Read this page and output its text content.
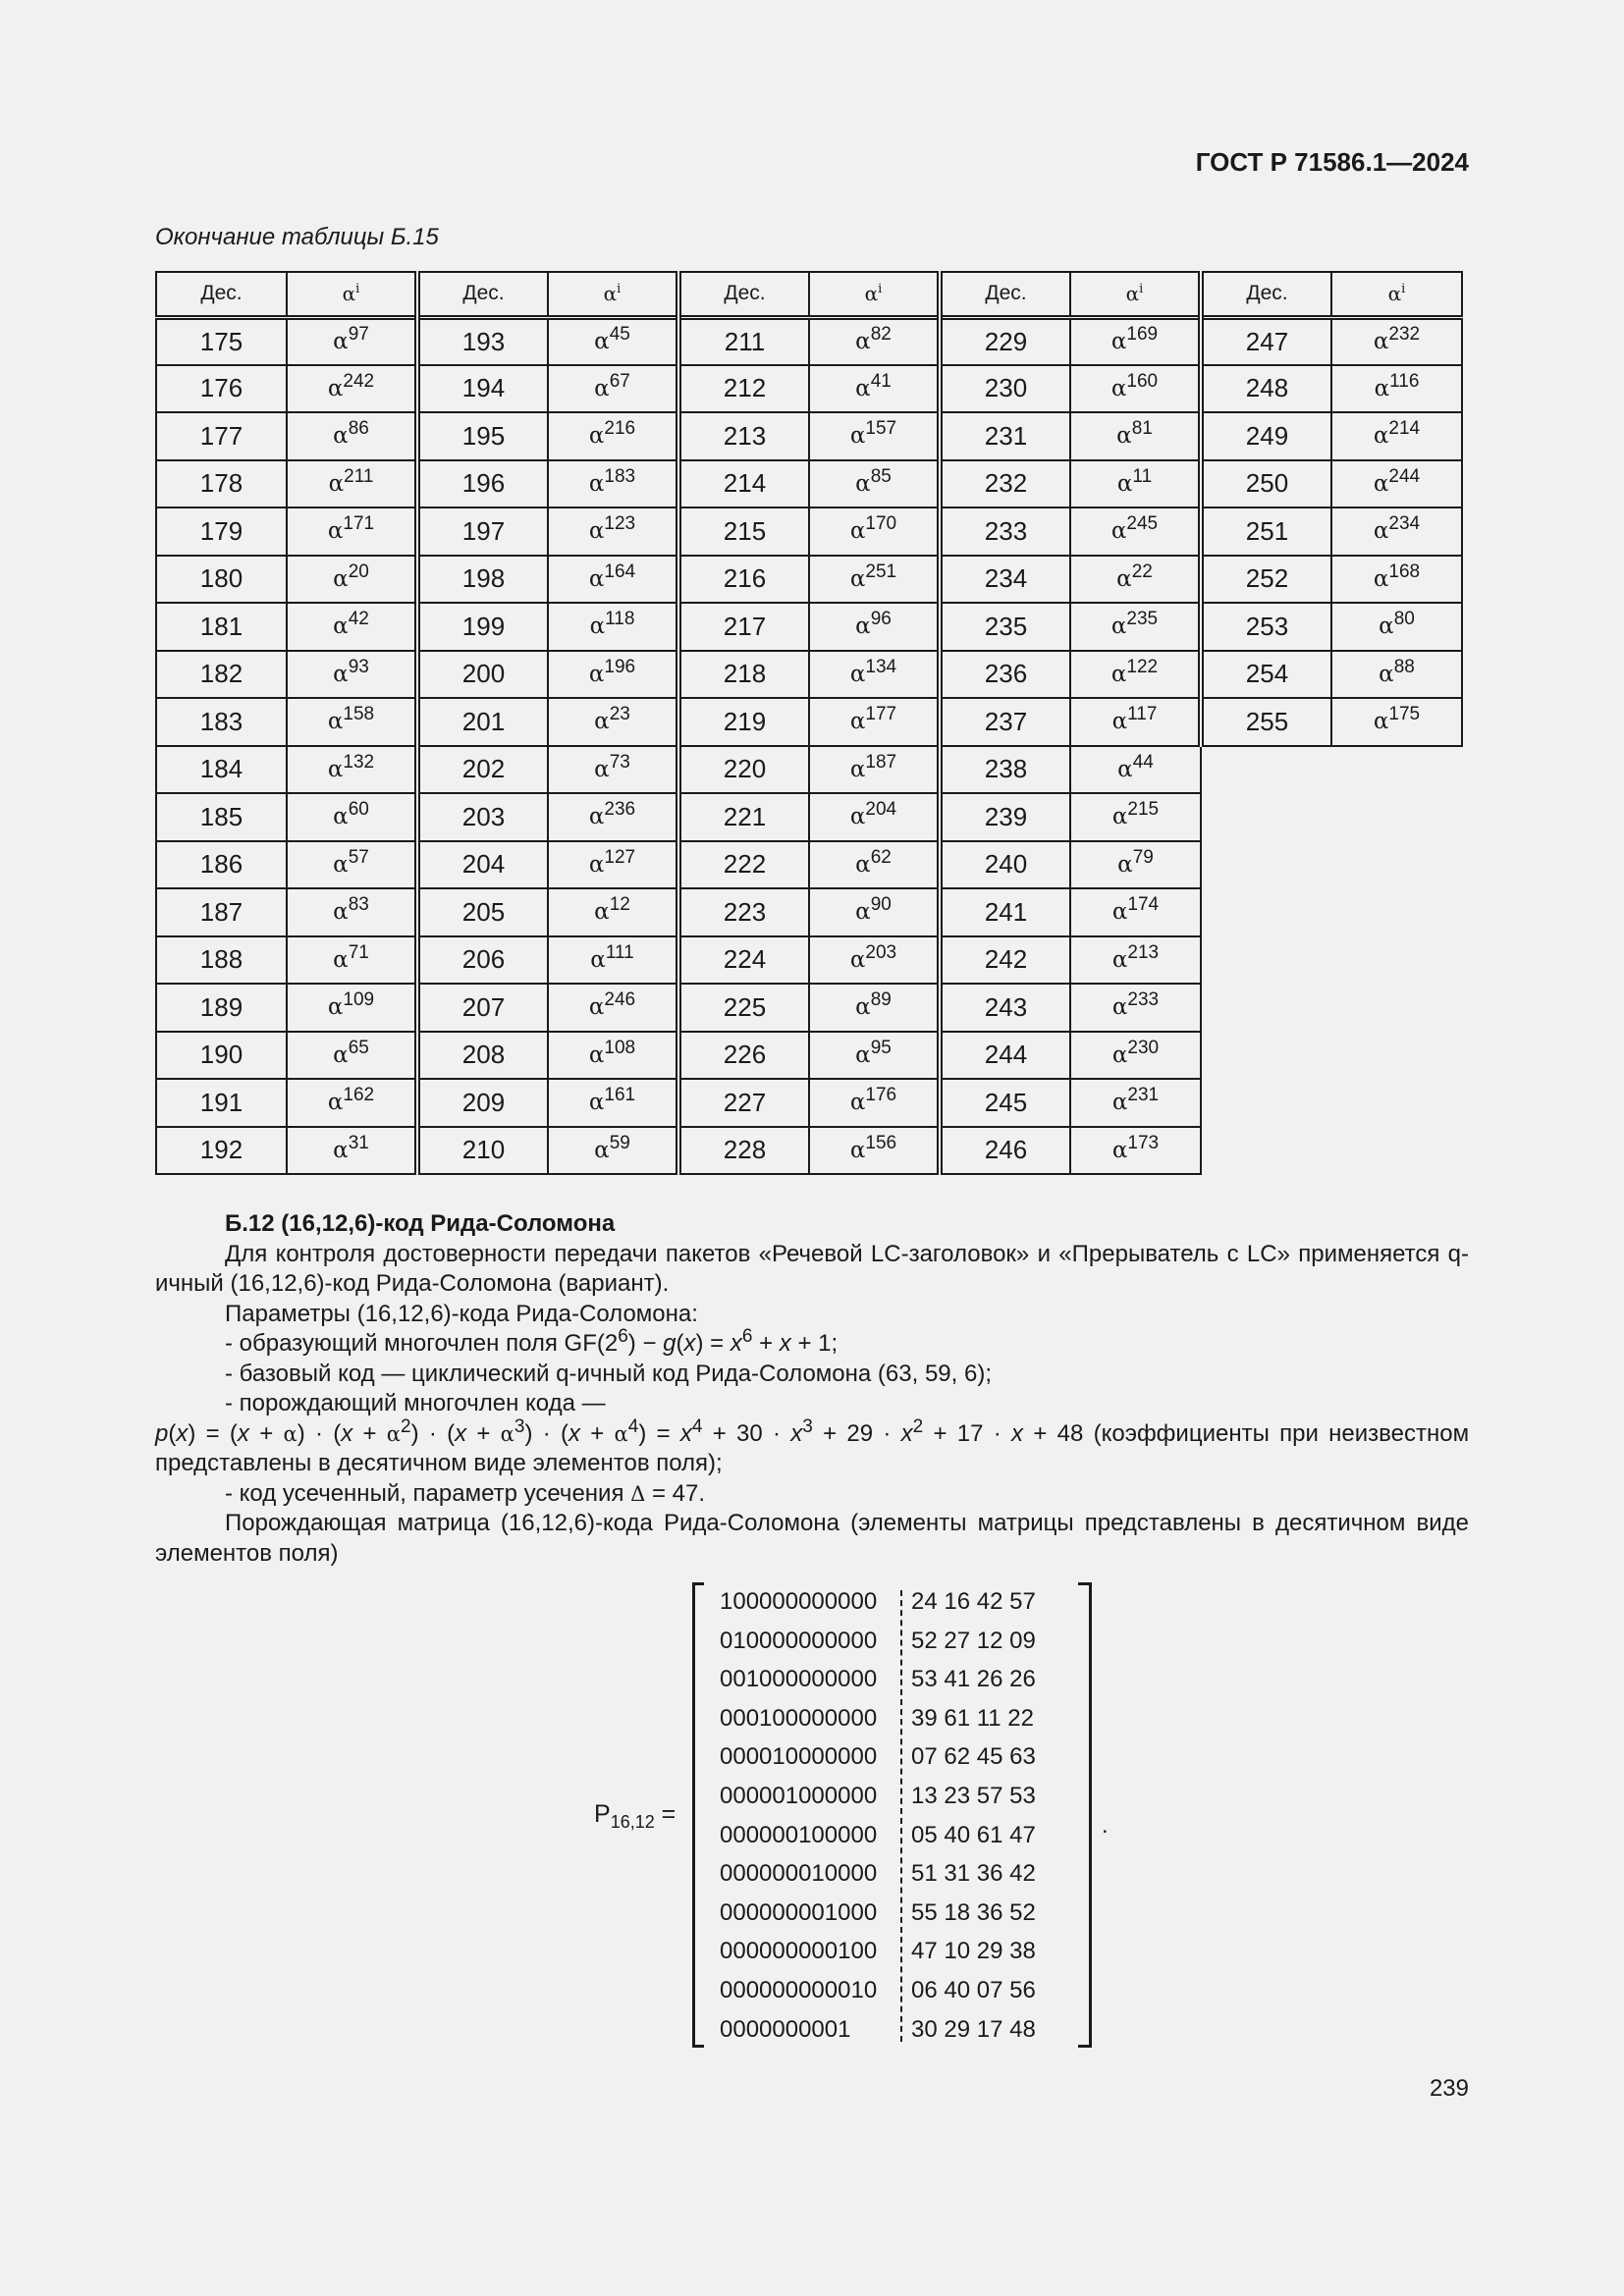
ГОСТ Р 71586.1—2024
Окончание таблицы Б.15
Дес.	$\alpha^i$	Дес.	$\alpha^i$	Дес.	$\alpha^i$	Дес.	$\alpha^i$	Дес.	$\alpha^i$
175	$\alpha^{97}$	193	$\alpha^{45}$	211	$\alpha^{82}$	229	$\alpha^{169}$	247	$\alpha^{232}$
176	$\alpha^{242}$	194	$\alpha^{67}$	212	$\alpha^{41}$	230	$\alpha^{160}$	248	$\alpha^{116}$
177	$\alpha^{86}$	195	$\alpha^{216}$	213	$\alpha^{157}$	231	$\alpha^{81}$	249	$\alpha^{214}$
178	$\alpha^{211}$	196	$\alpha^{183}$	214	$\alpha^{85}$	232	$\alpha^{11}$	250	$\alpha^{244}$
179	$\alpha^{171}$	197	$\alpha^{123}$	215	$\alpha^{170}$	233	$\alpha^{245}$	251	$\alpha^{234}$
180	$\alpha^{20}$	198	$\alpha^{164}$	216	$\alpha^{251}$	234	$\alpha^{22}$	252	$\alpha^{168}$
181	$\alpha^{42}$	199	$\alpha^{118}$	217	$\alpha^{96}$	235	$\alpha^{235}$	253	$\alpha^{80}$
182	$\alpha^{93}$	200	$\alpha^{196}$	218	$\alpha^{134}$	236	$\alpha^{122}$	254	$\alpha^{88}$
183	$\alpha^{158}$	201	$\alpha^{23}$	219	$\alpha^{177}$	237	$\alpha^{117}$	255	$\alpha^{175}$
184	$\alpha^{132}$	202	$\alpha^{73}$	220	$\alpha^{187}$	238	$\alpha^{44}$		
185	$\alpha^{60}$	203	$\alpha^{236}$	221	$\alpha^{204}$	239	$\alpha^{215}$		
186	$\alpha^{57}$	204	$\alpha^{127}$	222	$\alpha^{62}$	240	$\alpha^{79}$		
187	$\alpha^{83}$	205	$\alpha^{12}$	223	$\alpha^{90}$	241	$\alpha^{174}$		
188	$\alpha^{71}$	206	$\alpha^{111}$	224	$\alpha^{203}$	242	$\alpha^{213}$		
189	$\alpha^{109}$	207	$\alpha^{246}$	225	$\alpha^{89}$	243	$\alpha^{233}$		
190	$\alpha^{65}$	208	$\alpha^{108}$	226	$\alpha^{95}$	244	$\alpha^{230}$		
191	$\alpha^{162}$	209	$\alpha^{161}$	227	$\alpha^{176}$	245	$\alpha^{231}$		
192	$\alpha^{31}$	210	$\alpha^{59}$	228	$\alpha^{156}$	246	$\alpha^{173}$		

Б.12 (16,12,6)-код Рида-Соломона

Для контроля достоверности передачи пакетов «Речевой LC-заголовок» и «Прерыватель с LC» применяется q-ичный (16,12,6)-код Рида-Соломона (вариант).

Параметры (16,12,6)-кода Рида-Соломона:

- образующий многочлен поля $GF(2^6) - g(x) = x^6 + x + 1$;

- базовый код — циклический q-ичный код Рида-Соломона (63, 59, 6);

- порождающий многочлен кода —

$p(x) = (x + \alpha) \cdot (x + \alpha^2) \cdot (x + \alpha^3) \cdot (x + \alpha^4) = x^4 + 30 \cdot x^3 + 29 \cdot x^2 + 17 \cdot x + 48$ (коэффициенты при неизвестном представлены в десятичном виде элементов поля);

- код усеченный, параметр усечения Δ = 47.

Порождающая матрица (16,12,6)-кода Рида-Соломона (элементы матрицы представлены в десятичном виде элементов поля)

$P_{16,12}$ =
100000000000 24 16 42 57
010000000000 52 27 12 09
001000000000 53 41 26 26
000100000000 39 61 11 22
000010000000 07 62 45 63
000001000000 13 23 57 53
000000100000 05 40 61 47
000000010000 51 31 36 42
000000001000 55 18 36 52
000000000100 47 10 29 38
000000000010 06 40 07 56
0000000001	30 29 17 48
.
239
